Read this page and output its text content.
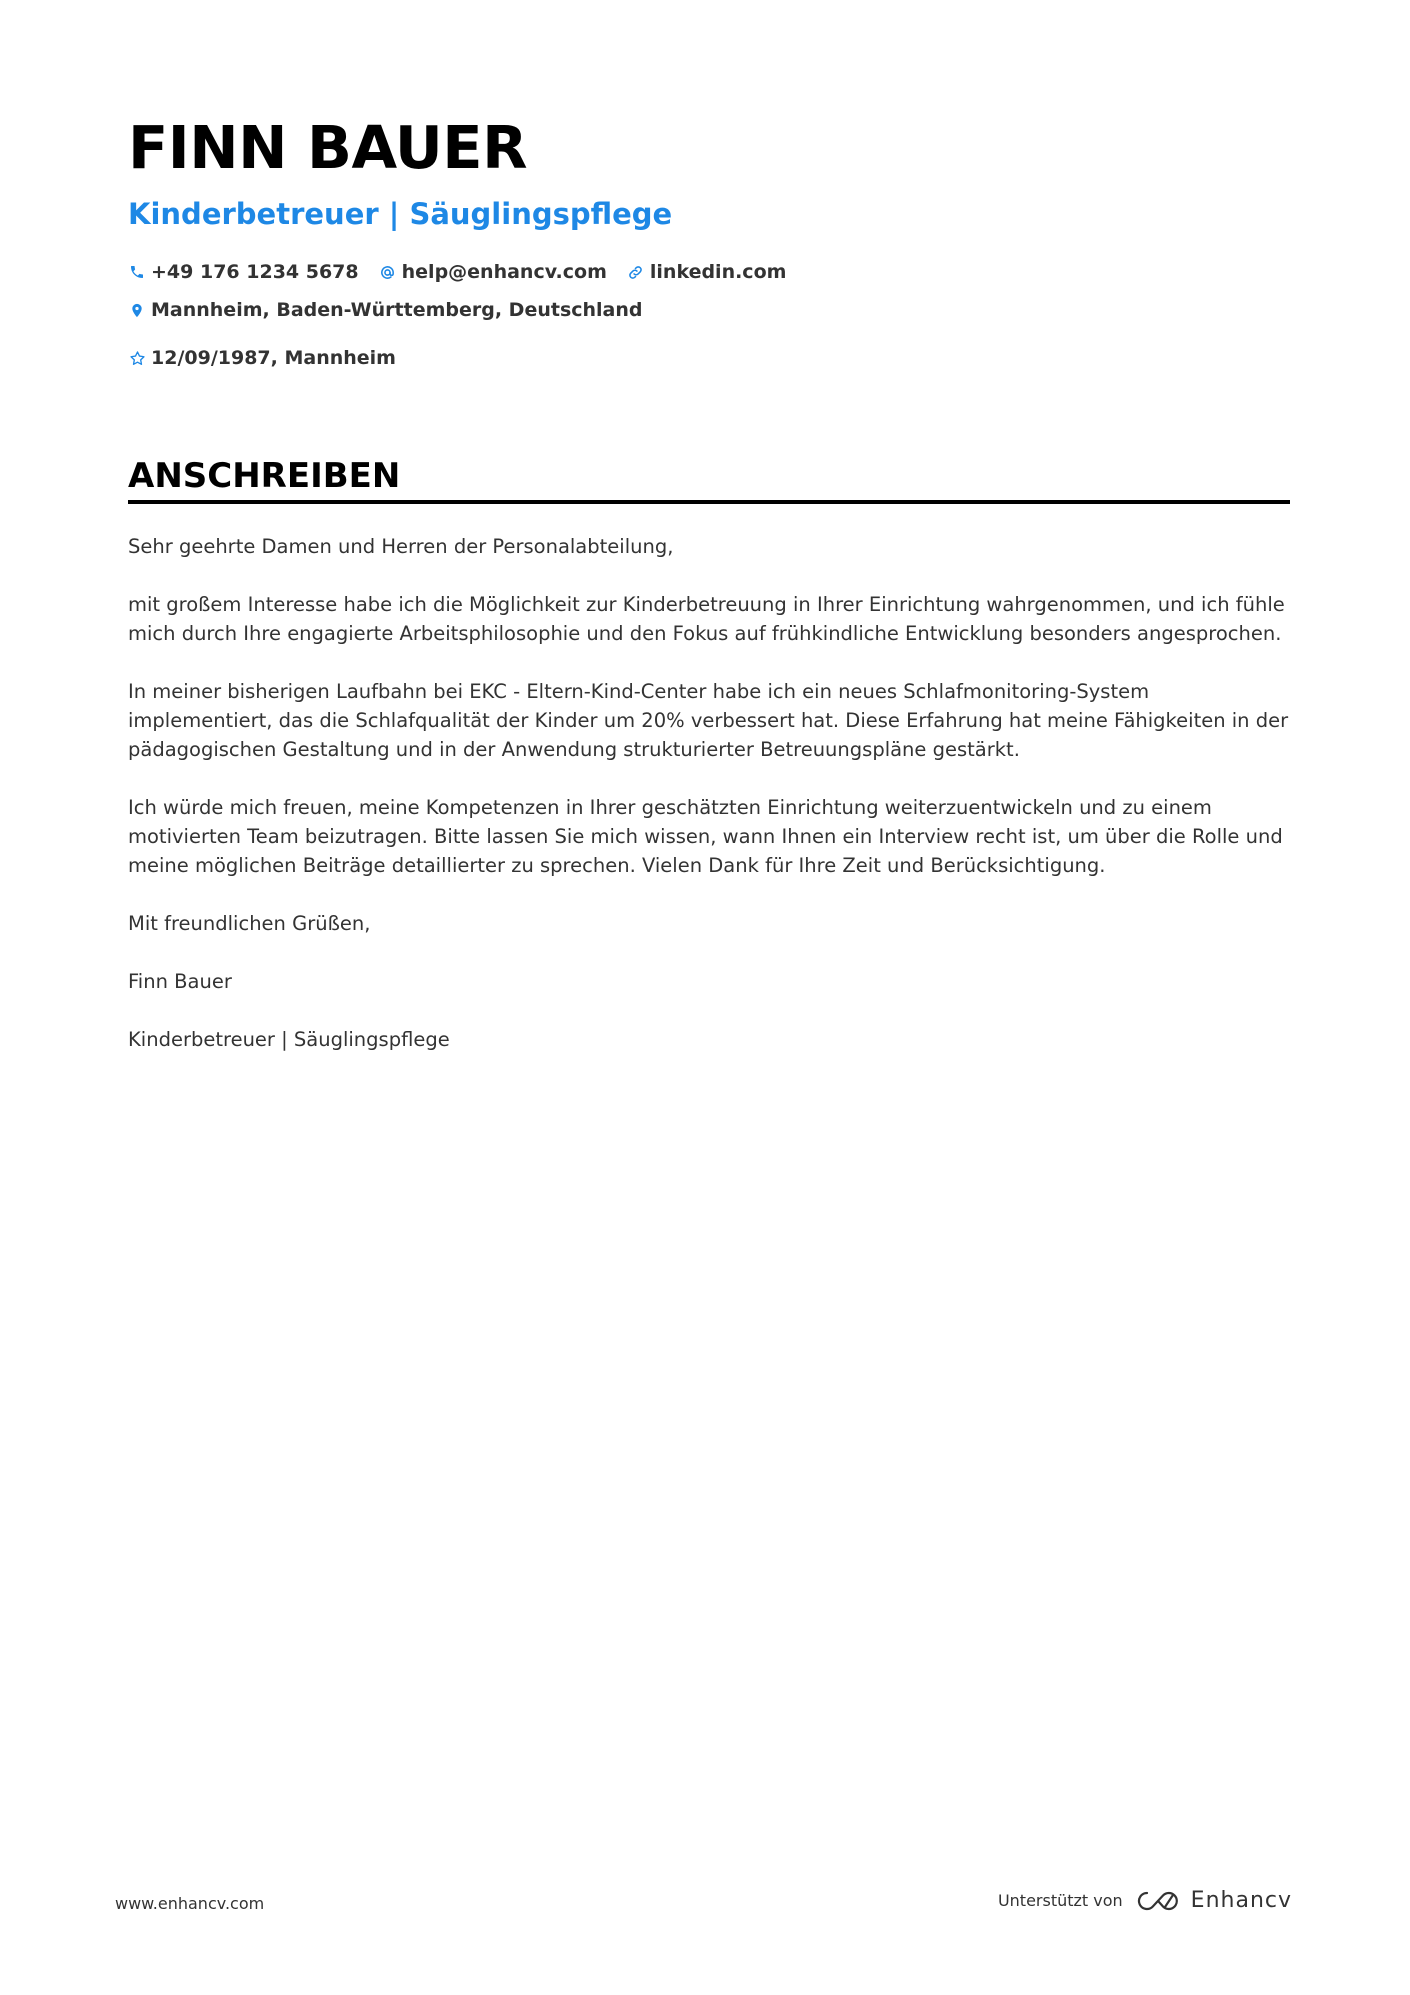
FINN BAUER
Kinderbetreuer | Säuglingspflege
+49 176 1234 5678 help@enhancv.com linkedin.com
Mannheim, Baden-Württemberg, Deutschland
12/09/1987, Mannheim
ANSCHREIBEN

Sehr geehrte Damen und Herren der Personalabteilung,

mit großem Interesse habe ich die Möglichkeit zur Kinderbetreuung in Ihrer Einrichtung wahrgenommen, und ich fühle mich durch Ihre engagierte Arbeitsphilosophie und den Fokus auf frühkindliche Entwicklung besonders angesprochen.

In meiner bisherigen Laufbahn bei EKC - Eltern-Kind-Center habe ich ein neues Schlafmonitoring-System implementiert, das die Schlafqualität der Kinder um 20% verbessert hat. Diese Erfahrung hat meine Fähigkeiten in der pädagogischen Gestaltung und in der Anwendung strukturierter Betreuungspläne gestärkt.

Ich würde mich freuen, meine Kompetenzen in Ihrer geschätzten Einrichtung weiterzuentwickeln und zu einem motivierten Team beizutragen. Bitte lassen Sie mich wissen, wann Ihnen ein Interview recht ist, um über die Rolle und meine möglichen Beiträge detaillierter zu sprechen. Vielen Dank für Ihre Zeit und Berücksichtigung.

Mit freundlichen Grüßen,

Finn Bauer

Kinderbetreuer | Säuglingspflege

www.enhancv.com	Unterstützt von	Enhancv
